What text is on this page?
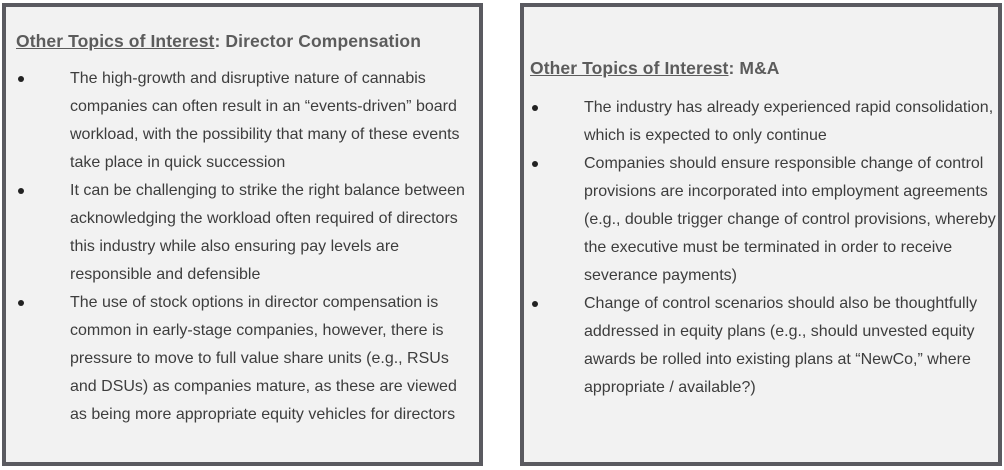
Other Topics of Interest: Director Compensation
The high-growth and disruptive nature of cannabis companies can often result in an “events-driven” board workload, with the possibility that many of these events take place in quick succession
It can be challenging to strike the right balance between acknowledging the workload often required of directors this industry while also ensuring pay levels are responsible and defensible
The use of stock options in director compensation is common in early-stage companies, however, there is pressure to move to full value share units (e.g., RSUs and DSUs) as companies mature, as these are viewed as being more appropriate equity vehicles for directors
Other Topics of Interest: M&A
The industry has already experienced rapid consolidation, which is expected to only continue
Companies should ensure responsible change of control provisions are incorporated into employment agreements (e.g., double trigger change of control provisions, whereby the executive must be terminated in order to receive severance payments)
Change of control scenarios should also be thoughtfully addressed in equity plans (e.g., should unvested equity awards be rolled into existing plans at “NewCo,” where appropriate / available?)
